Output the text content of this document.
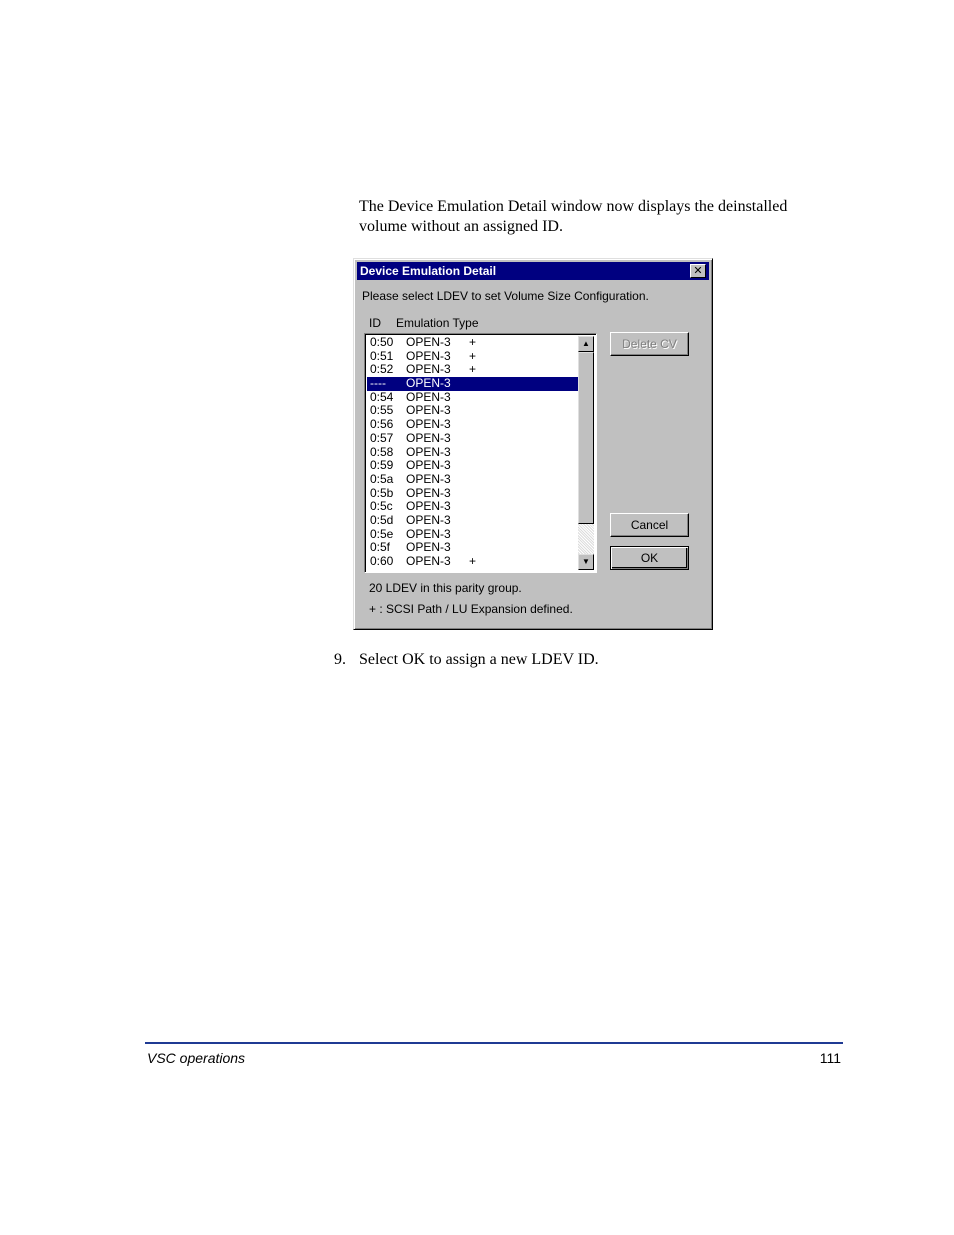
The Device Emulation Detail window now displays the deinstalled volume without an assigned ID.

Device Emulation Detail	✕
Please select LDEV to set Volume Size Configuration.
ID Emulation Type
0:50 OPEN-3 +
0:51 OPEN-3 +
0:52 OPEN-3 +
---- OPEN-3
0:54 OPEN-3
0:55 OPEN-3
0:56 OPEN-3
0:57 OPEN-3
0:58 OPEN-3
0:59 OPEN-3
0:5a OPEN-3
0:5b OPEN-3
0:5c OPEN-3
0:5d OPEN-3
0:5e OPEN-3
0:5f OPEN-3
0:60 OPEN-3 +
▲
▼
Delete CV
Cancel
OK
20 LDEV in this parity group.
+ : SCSI Path / LU Expansion defined.
9. Select OK to assign a new LDEV ID.
VSC operations	111
